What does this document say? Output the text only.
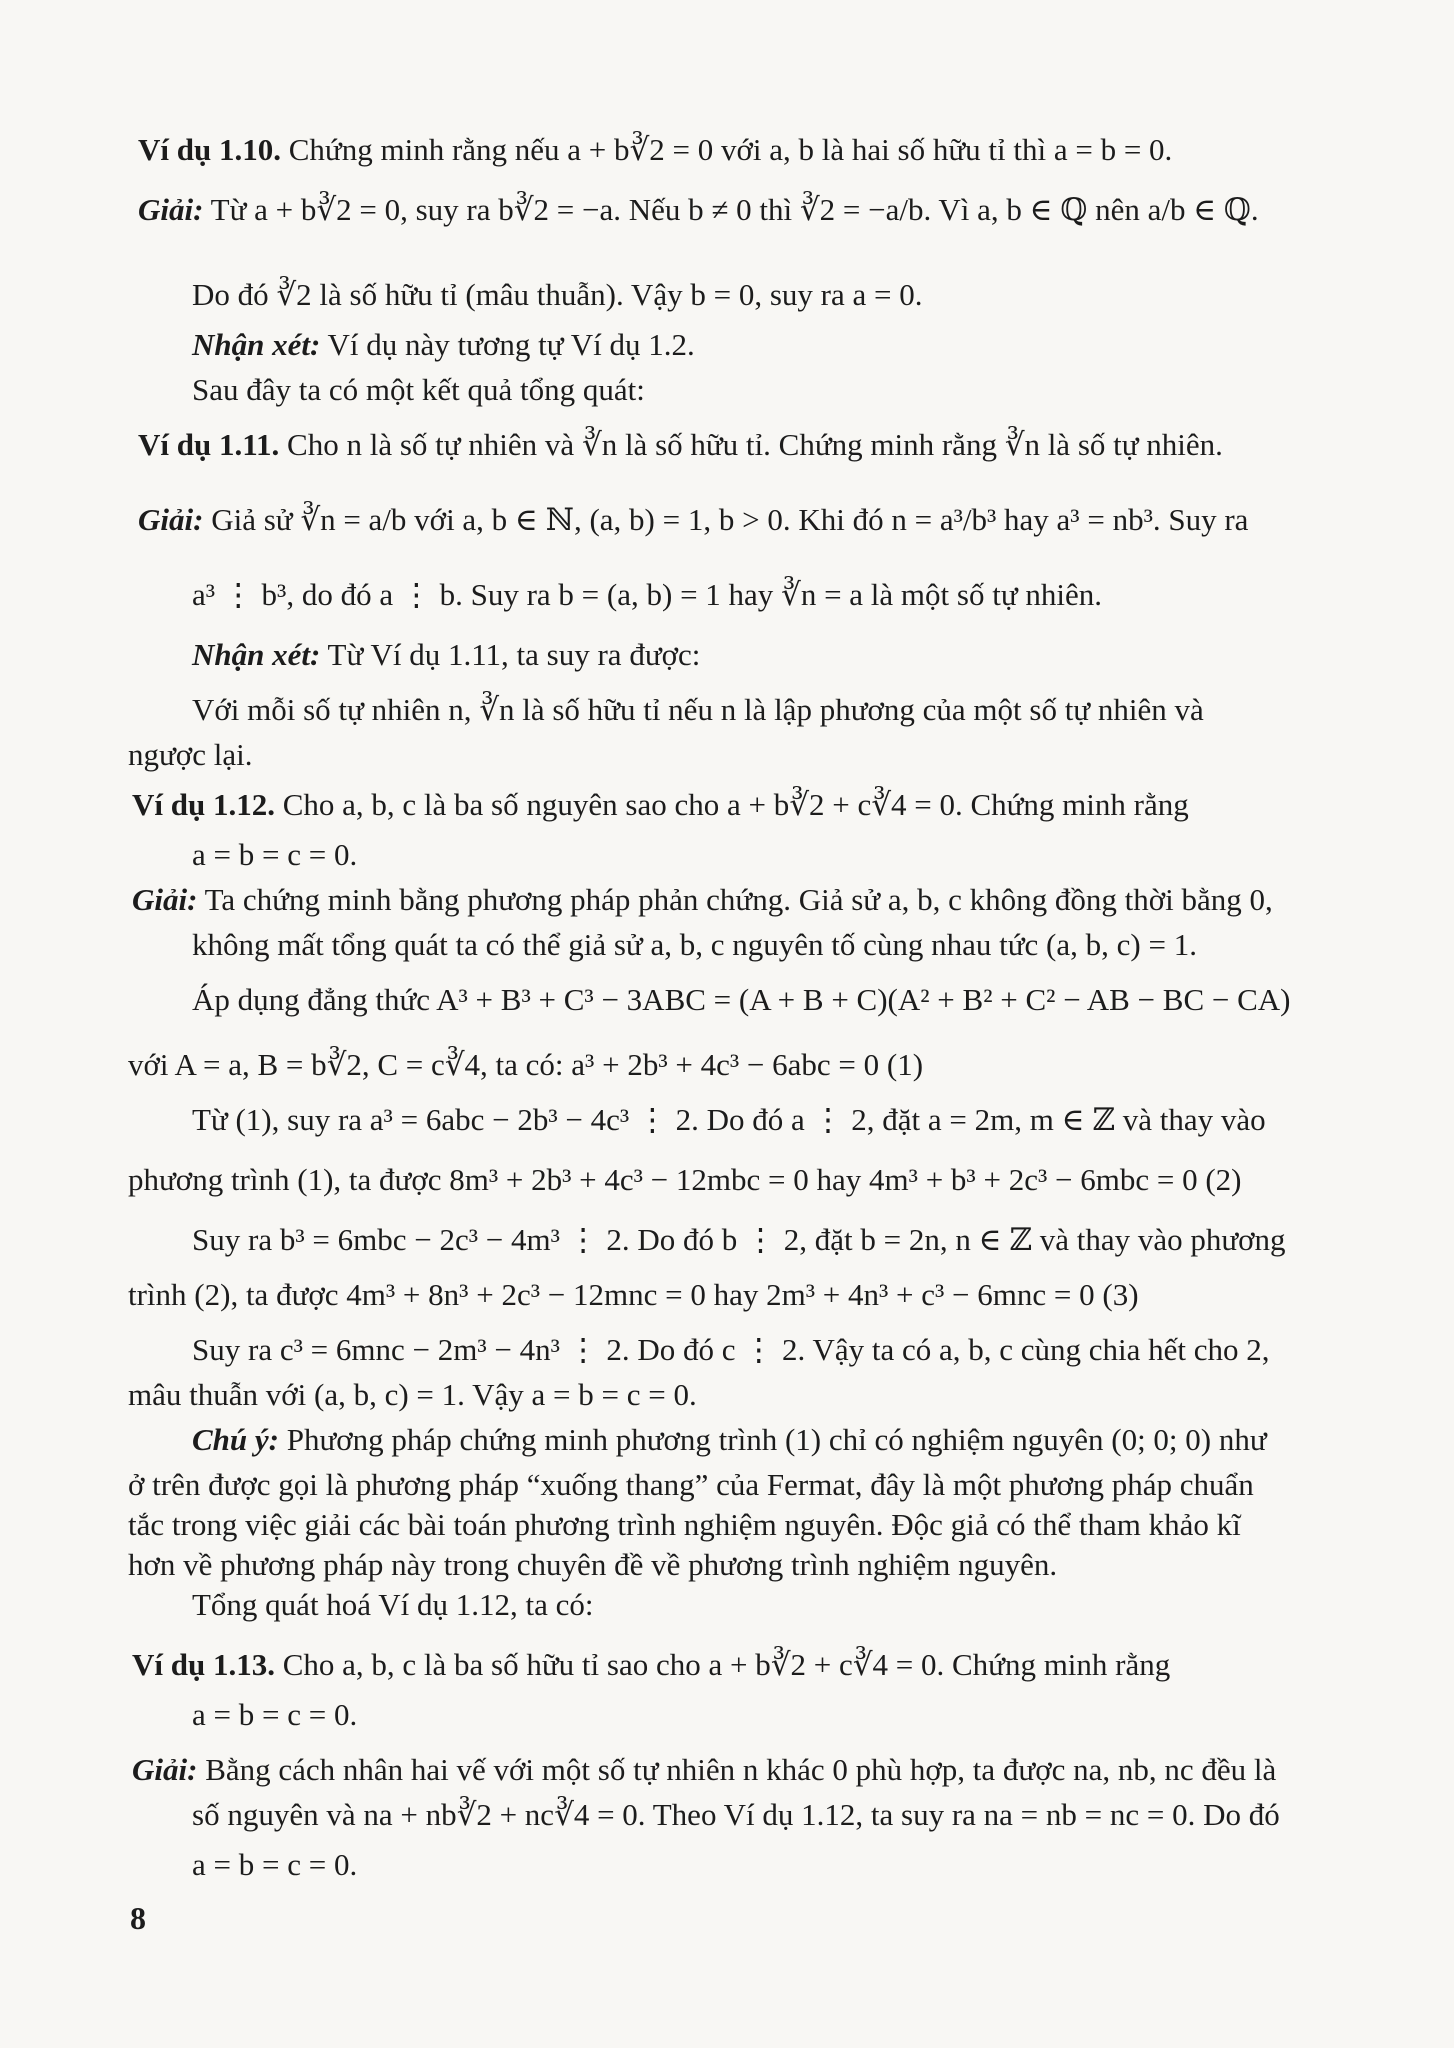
Ví dụ 1.10. Chứng minh rằng nếu a + b∛2 = 0 với a, b là hai số hữu tỉ thì a = b = 0.
Giải: Từ a + b∛2 = 0, suy ra b∛2 = −a. Nếu b ≠ 0 thì ∛2 = −a/b. Vì a, b ∈ ℚ nên a/b ∈ ℚ.
Do đó ∛2 là số hữu tỉ (mâu thuẫn). Vậy b = 0, suy ra a = 0.
Nhận xét: Ví dụ này tương tự Ví dụ 1.2.
Sau đây ta có một kết quả tổng quát:
Ví dụ 1.11. Cho n là số tự nhiên và ∛n là số hữu tỉ. Chứng minh rằng ∛n là số tự nhiên.
Giải: Giả sử ∛n = a/b với a, b ∈ ℕ, (a, b) = 1, b > 0. Khi đó n = a³/b³ hay a³ = nb³. Suy ra
a³ ⋮ b³, do đó a ⋮ b. Suy ra b = (a, b) = 1 hay ∛n = a là một số tự nhiên.
Nhận xét: Từ Ví dụ 1.11, ta suy ra được:
Với mỗi số tự nhiên n, ∛n là số hữu tỉ nếu n là lập phương của một số tự nhiên và
ngược lại.
Ví dụ 1.12. Cho a, b, c là ba số nguyên sao cho a + b∛2 + c∛4 = 0. Chứng minh rằng
a = b = c = 0.
Giải: Ta chứng minh bằng phương pháp phản chứng. Giả sử a, b, c không đồng thời bằng 0,
không mất tổng quát ta có thể giả sử a, b, c nguyên tố cùng nhau tức (a, b, c) = 1.
Áp dụng đẳng thức A³ + B³ + C³ − 3ABC = (A + B + C)(A² + B² + C² − AB − BC − CA)
với A = a, B = b∛2, C = c∛4, ta có: a³ + 2b³ + 4c³ − 6abc = 0 (1)
Từ (1), suy ra a³ = 6abc − 2b³ − 4c³ ⋮ 2. Do đó a ⋮ 2, đặt a = 2m, m ∈ ℤ và thay vào
phương trình (1), ta được 8m³ + 2b³ + 4c³ − 12mbc = 0 hay 4m³ + b³ + 2c³ − 6mbc = 0 (2)
Suy ra b³ = 6mbc − 2c³ − 4m³ ⋮ 2. Do đó b ⋮ 2, đặt b = 2n, n ∈ ℤ và thay vào phương
trình (2), ta được 4m³ + 8n³ + 2c³ − 12mnc = 0 hay 2m³ + 4n³ + c³ − 6mnc = 0 (3)
Suy ra c³ = 6mnc − 2m³ − 4n³ ⋮ 2. Do đó c ⋮ 2. Vậy ta có a, b, c cùng chia hết cho 2,
mâu thuẫn với (a, b, c) = 1. Vậy a = b = c = 0.
Chú ý: Phương pháp chứng minh phương trình (1) chỉ có nghiệm nguyên (0; 0; 0) như
ở trên được gọi là phương pháp “xuống thang” của Fermat, đây là một phương pháp chuẩn
tắc trong việc giải các bài toán phương trình nghiệm nguyên. Độc giả có thể tham khảo kĩ
hơn về phương pháp này trong chuyên đề về phương trình nghiệm nguyên.
Tổng quát hoá Ví dụ 1.12, ta có:
Ví dụ 1.13. Cho a, b, c là ba số hữu tỉ sao cho a + b∛2 + c∛4 = 0. Chứng minh rằng
a = b = c = 0.
Giải: Bằng cách nhân hai vế với một số tự nhiên n khác 0 phù hợp, ta được na, nb, nc đều là
số nguyên và na + nb∛2 + nc∛4 = 0. Theo Ví dụ 1.12, ta suy ra na = nb = nc = 0. Do đó
a = b = c = 0.
8
